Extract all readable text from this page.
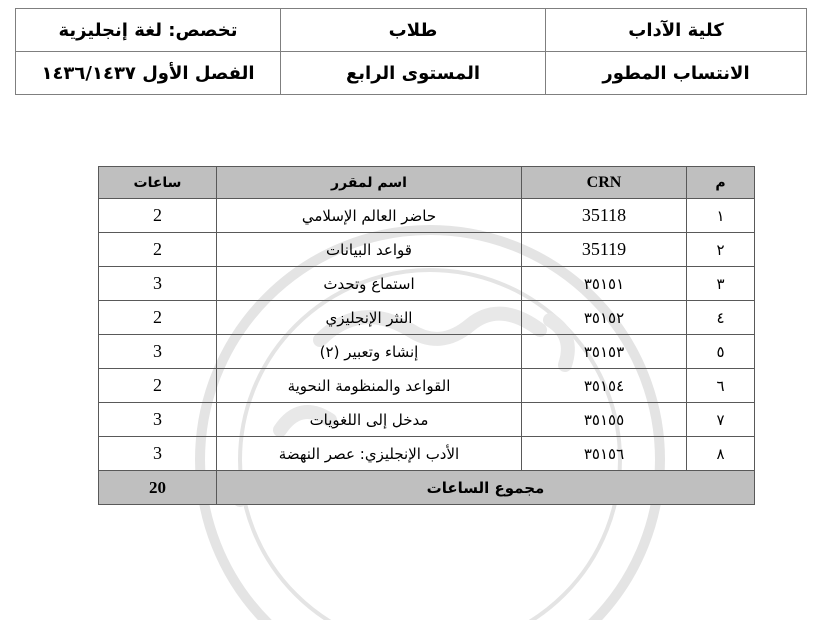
كلية الآداب	طلاب	تخصص: لغة إنجليزية
الانتساب المطور	المستوى الرابع	الفصل الأول ١٤٣٦/١٤٣٧
م	CRN	اسم لمقرر	ساعات
١	35118	حاضر العالم الإسلامي	2
٢	35119	قواعد البيانات	2
٣	٣٥١٥١	استماع وتحدث	3
٤	٣٥١٥٢	النثر الإنجليزي	2
٥	٣٥١٥٣	إنشاء وتعبير (٢)	3
٦	٣٥١٥٤	القواعد والمنظومة النحوية	2
٧	٣٥١٥٥	مدخل إلى اللغويات	3
٨	٣٥١٥٦	الأدب الإنجليزي: عصر النهضة	3
مجموع الساعات			20
